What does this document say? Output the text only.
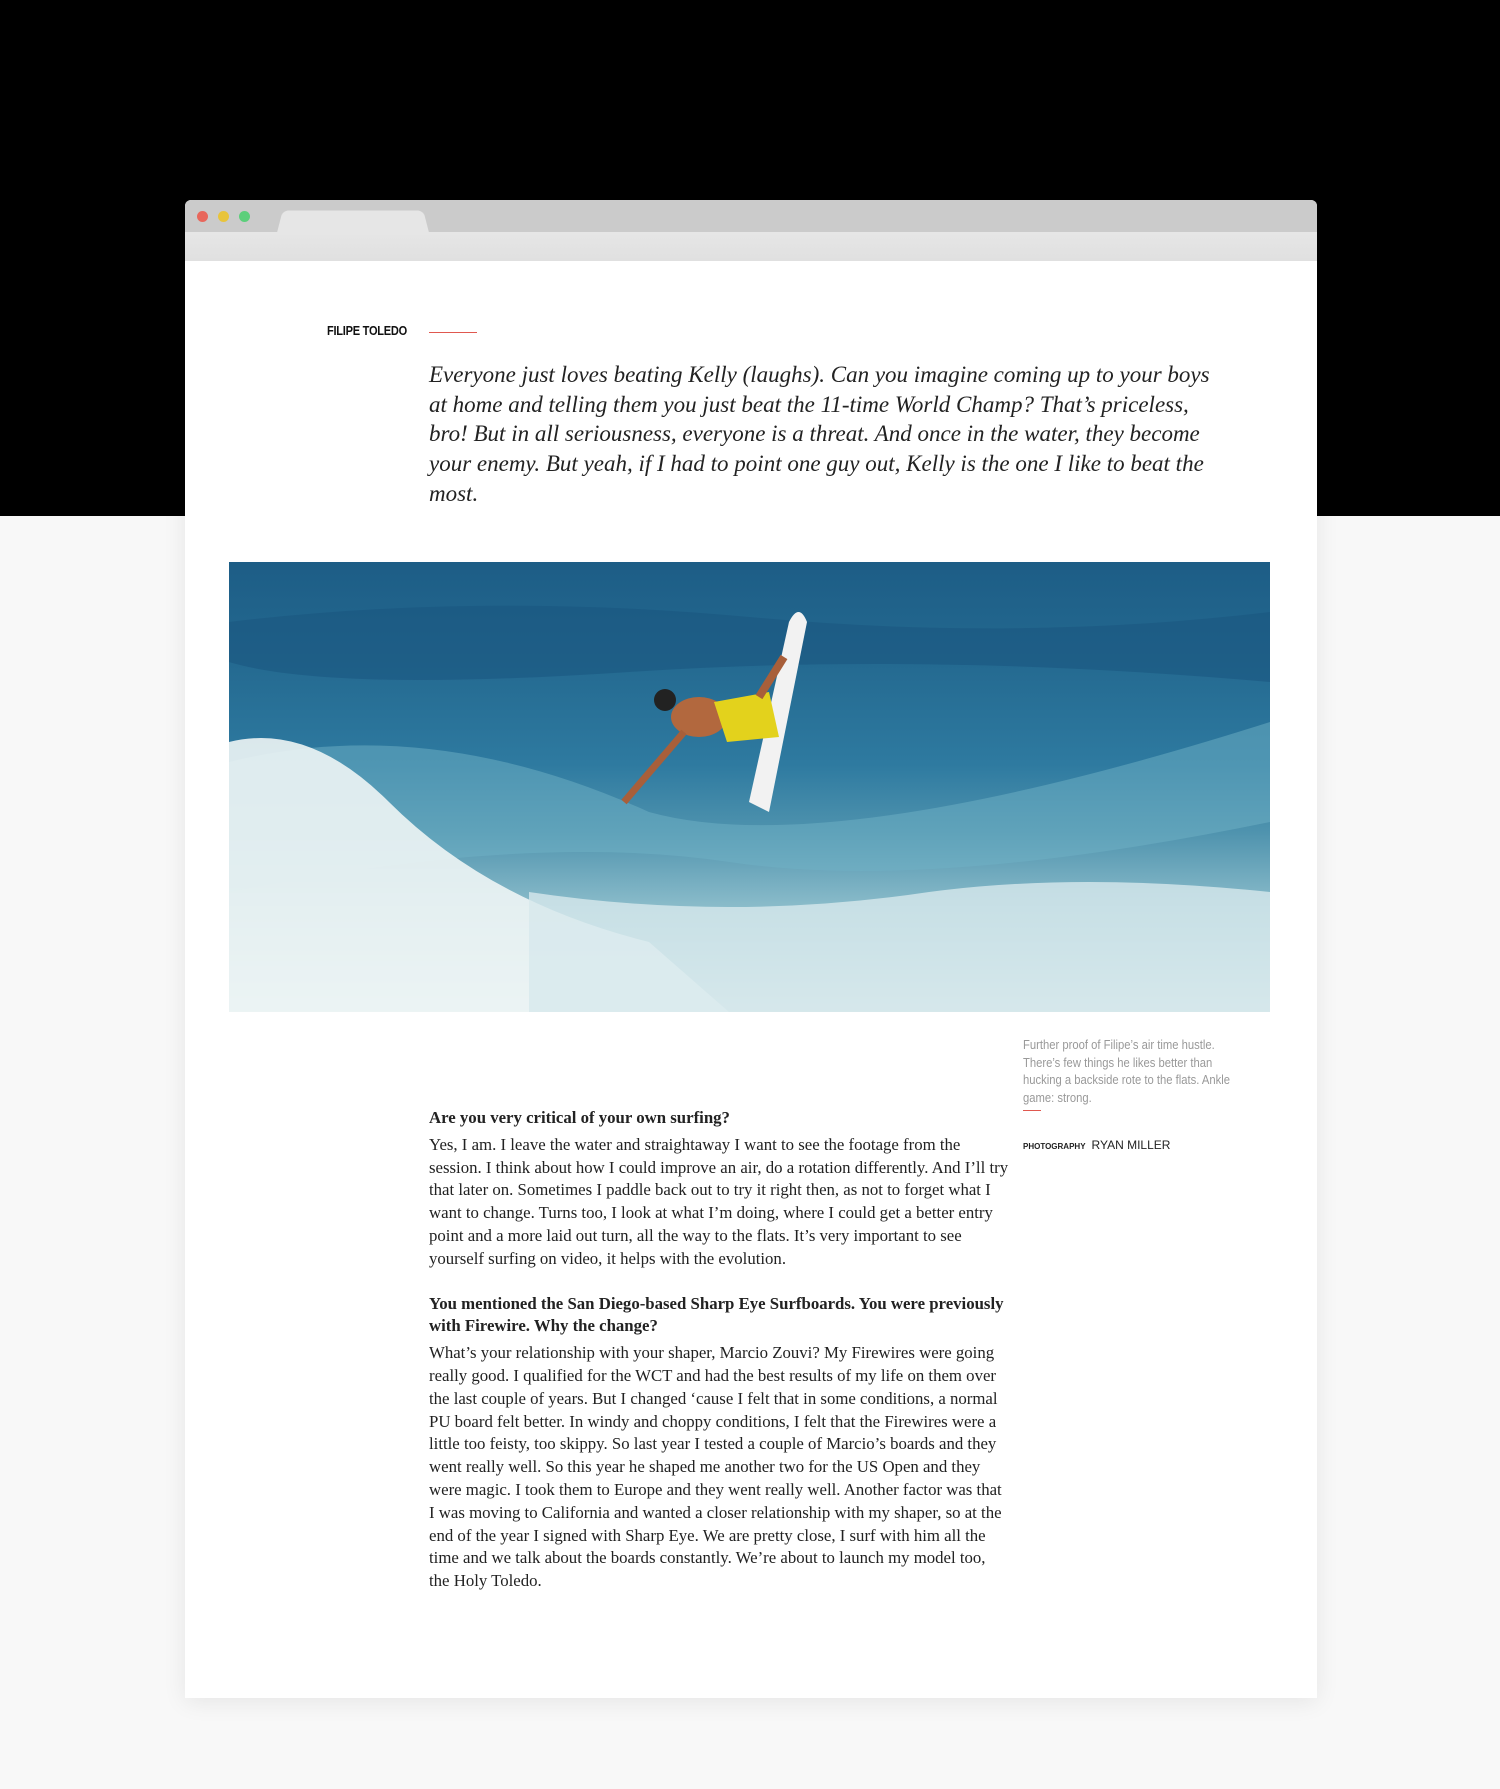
FILIPE TOLEDO
Everyone just loves beating Kelly (laughs). Can you imagine coming up to your boys at home and telling them you just beat the 11-time World Champ? That’s priceless, bro! But in all seriousness, everyone is a threat. And once in the water, they become your enemy. But yeah, if I had to point one guy out, Kelly is the one I like to beat the most.
Further proof of Filipe’s air time hustle. There’s few things he likes better than hucking a backside rote to the flats. Ankle game: strong.
PHOTOGRAPHY RYAN MILLER
Are you very critical of your own surfing?

Yes, I am. I leave the water and straightaway I want to see the footage from the session. I think about how I could improve an air, do a rotation differently. And I’ll try that later on. Sometimes I paddle back out to try it right then, as not to forget what I want to change. Turns too, I look at what I’m doing, where I could get a better entry point and a more laid out turn, all the way to the flats. It’s very important to see yourself surfing on video, it helps with the evolution.

You mentioned the San Diego-based Sharp Eye Surfboards. You were previously with Firewire. Why the change?

What’s your relationship with your shaper, Marcio Zouvi? My Firewires were going really good. I qualified for the WCT and had the best results of my life on them over the last couple of years. But I changed ‘cause I felt that in some conditions, a normal PU board felt better. In windy and choppy conditions, I felt that the Firewires were a little too feisty, too skippy. So last year I tested a couple of Marcio’s boards and they went really well. So this year he shaped me another two for the US Open and they were magic. I took them to Europe and they went really well. Another factor was that I was moving to California and wanted a closer relationship with my shaper, so at the end of the year I signed with Sharp Eye. We are pretty close, I surf with him all the time and we talk about the boards constantly. We’re about to launch my model too, the Holy Toledo.
